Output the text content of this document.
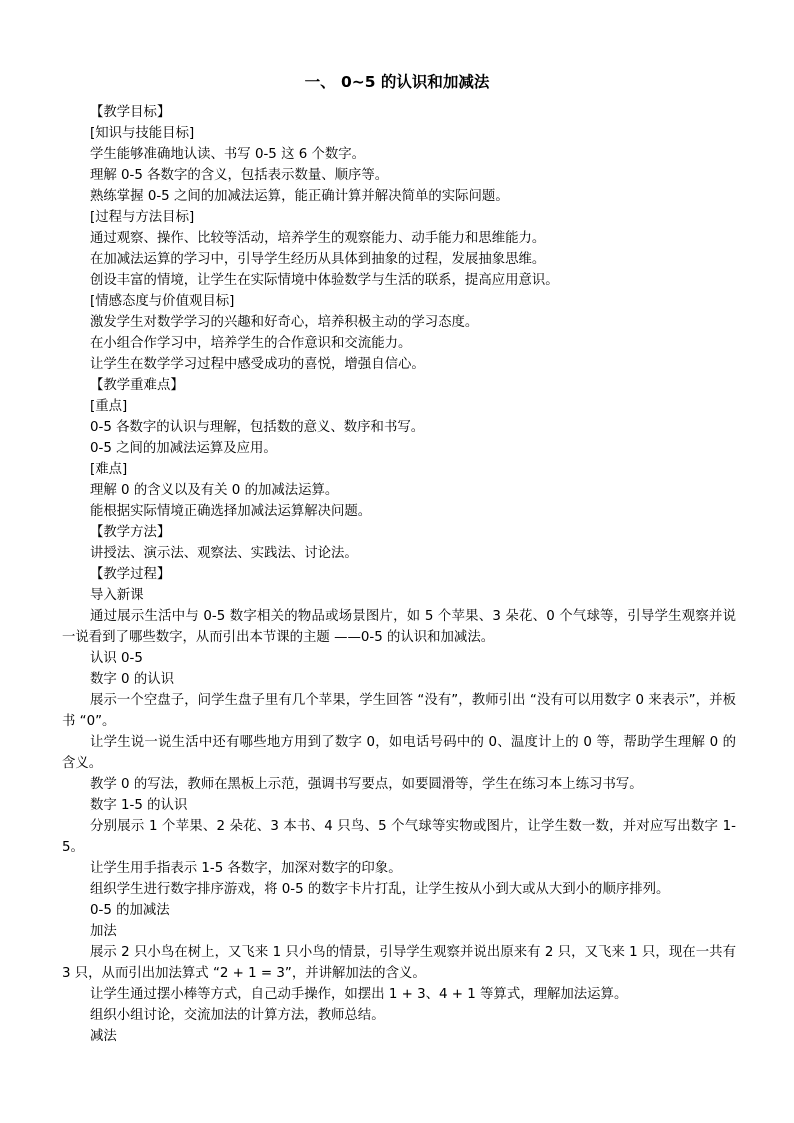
一、 0~5 的认识和加减法

【教学目标】

[知识与技能目标]

学生能够准确地认读、书写 0-5 这 6 个数字。

理解 0-5 各数字的含义，包括表示数量、顺序等。

熟练掌握 0-5 之间的加减法运算，能正确计算并解决简单的实际问题。

[过程与方法目标]

通过观察、操作、比较等活动，培养学生的观察能力、动手能力和思维能力。

在加减法运算的学习中，引导学生经历从具体到抽象的过程，发展抽象思维。

创设丰富的情境，让学生在实际情境中体验数学与生活的联系，提高应用意识。

[情感态度与价值观目标]

激发学生对数学学习的兴趣和好奇心，培养积极主动的学习态度。

在小组合作学习中，培养学生的合作意识和交流能力。

让学生在数学学习过程中感受成功的喜悦，增强自信心。

【教学重难点】

[重点]

0-5 各数字的认识与理解，包括数的意义、数序和书写。

0-5 之间的加减法运算及应用。

[难点]

理解 0 的含义以及有关 0 的加减法运算。

能根据实际情境正确选择加减法运算解决问题。

【教学方法】

讲授法、演示法、观察法、实践法、讨论法。

【教学过程】

导入新课

通过展示生活中与 0-5 数字相关的物品或场景图片，如 5 个苹果、3 朵花、0 个气球等，引导学生观察并说一说看到了哪些数字，从而引出本节课的主题 ——0-5 的认识和加减法。

认识 0-5

数字 0 的认识

展示一个空盘子，问学生盘子里有几个苹果，学生回答 “没有”，教师引出 “没有可以用数字 0 来表示”，并板书 “0”。

让学生说一说生活中还有哪些地方用到了数字 0，如电话号码中的 0、温度计上的 0 等，帮助学生理解 0 的含义。

教学 0 的写法，教师在黑板上示范，强调书写要点，如要圆滑等，学生在练习本上练习书写。

数字 1-5 的认识

分别展示 1 个苹果、2 朵花、3 本书、4 只鸟、5 个气球等实物或图片，让学生数一数，并对应写出数字 1-5。

让学生用手指表示 1-5 各数字，加深对数字的印象。

组织学生进行数字排序游戏，将 0-5 的数字卡片打乱，让学生按从小到大或从大到小的顺序排列。

0-5 的加减法

加法

展示 2 只小鸟在树上，又飞来 1 只小鸟的情景，引导学生观察并说出原来有 2 只，又飞来 1 只，现在一共有 3 只，从而引出加法算式 “2 + 1 = 3”，并讲解加法的含义。

让学生通过摆小棒等方式，自己动手操作，如摆出 1 + 3、4 + 1 等算式，理解加法运算。

组织小组讨论，交流加法的计算方法，教师总结。

减法
